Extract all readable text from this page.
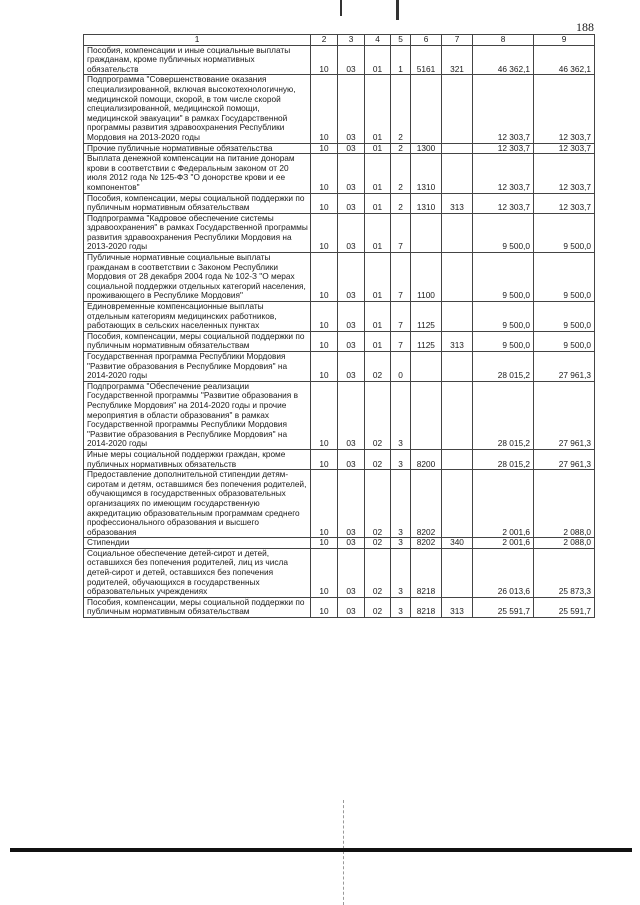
188
1	2	3	4	5	6	7	8	9
Пособия, компенсации и иные социальные выплаты гражданам, кроме публичных нормативных обязательств	10	03	01	1	5161	321	46 362,1	46 362,1
Подпрограмма "Совершенствование оказания специализированной, включая высокотехнологичную, медицинской помощи, скорой, в том числе скорой специализированной, медицинской помощи, медицинской эвакуации" в рамках Государственной программы развития здравоохранения Республики Мордовия на 2013-2020 годы	10	03	01	2			12 303,7	12 303,7
Прочие публичные нормативные обязательства	10	03	01	2	1300		12 303,7	12 303,7
Выплата денежной компенсации на питание донорам крови в соответствии с Федеральным законом от 20 июля 2012 года № 125-ФЗ "О донорстве крови и ее компонентов"	10	03	01	2	1310		12 303,7	12 303,7
Пособия, компенсации, меры социальной поддержки по публичным нормативным обязательствам	10	03	01	2	1310	313	12 303,7	12 303,7
Подпрограмма "Кадровое обеспечение системы здравоохранения" в рамках Государственной программы развития здравоохранения Республики Мордовия на 2013-2020 годы	10	03	01	7			9 500,0	9 500,0
Публичные нормативные социальные выплаты гражданам в соответствии с Законом Республики Мордовия от 28 декабря 2004 года № 102-З "О мерах социальной поддержки отдельных категорий населения, проживающего в Республике Мордовия"	10	03	01	7	1100		9 500,0	9 500,0
Единовременные компенсационные выплаты отдельным категориям медицинских работников, работающих в сельских населенных пунктах	10	03	01	7	1125		9 500,0	9 500,0
Пособия, компенсации, меры социальной поддержки по публичным нормативным обязательствам	10	03	01	7	1125	313	9 500,0	9 500,0
Государственная программа Республики Мордовия "Развитие образования в Республике Мордовия" на 2014-2020 годы	10	03	02	0			28 015,2	27 961,3
Подпрограмма "Обеспечение реализации Государственной программы "Развитие образования в Республике Мордовия" на 2014-2020 годы и прочие мероприятия в области образования" в рамках Государственной программы Республики Мордовия "Развитие образования в Республике Мордовия" на 2014-2020 годы	10	03	02	3			28 015,2	27 961,3
Иные меры социальной поддержки граждан, кроме публичных нормативных обязательств	10	03	02	3	8200		28 015,2	27 961,3
Предоставление дополнительной стипендии детям-сиротам и детям, оставшимся без попечения родителей, обучающимся в государственных образовательных организациях по имеющим государственную аккредитацию образовательным программам среднего профессионального образования и высшего образования	10	03	02	3	8202		2 001,6	2 088,0
Стипендии	10	03	02	3	8202	340	2 001,6	2 088,0
Социальное обеспечение детей-сирот и детей, оставшихся без попечения родителей, лиц из числа детей-сирот и детей, оставшихся без попечения родителей, обучающихся в государственных образовательных учреждениях	10	03	02	3	8218		26 013,6	25 873,3
Пособия, компенсации, меры социальной поддержки по публичным нормативным обязательствам	10	03	02	3	8218	313	25 591,7	25 591,7
